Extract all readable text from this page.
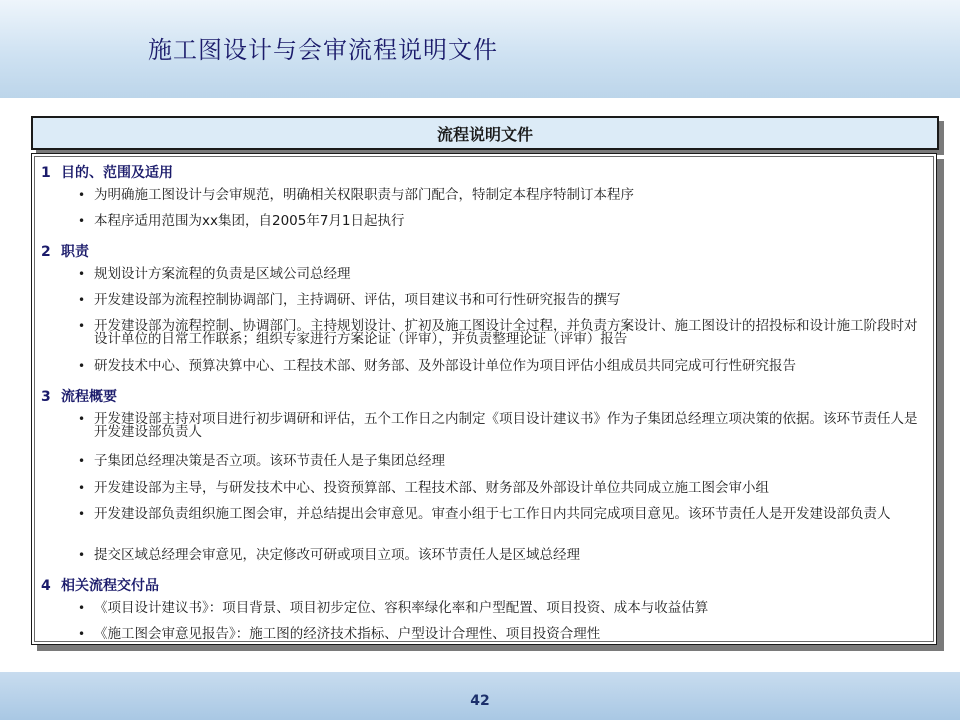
施工图设计与会审流程说明文件
流程说明文件
1 目的、范围及适用
• 为明确施工图设计与会审规范，明确相关权限职责与部门配合，特制定本程序特制订本程序
• 本程序适用范围为xx集团，自2005年7月1日起执行
2 职责
• 规划设计方案流程的负责是区域公司总经理
• 开发建设部为流程控制协调部门，主持调研、评估，项目建议书和可行性研究报告的撰写
• 开发建设部为流程控制、协调部门。主持规划设计、扩初及施工图设计全过程，并负责方案设计、施工图设计的招投标和设计施工阶段时对设计单位的日常工作联系；组织专家进行方案论证（评审），并负责整理论证（评审）报告
• 研发技术中心、预算决算中心、工程技术部、财务部、及外部设计单位作为项目评估小组成员共同完成可行性研究报告
3 流程概要
• 开发建设部主持对项目进行初步调研和评估，五个工作日之内制定《项目设计建议书》作为子集团总经理立项决策的依据。该环节责任人是开发建设部负责人
• 子集团总经理决策是否立项。该环节责任人是子集团总经理
• 开发建设部为主导，与研发技术中心、投资预算部、工程技术部、财务部及外部设计单位共同成立施工图会审小组
• 开发建设部负责组织施工图会审，并总结提出会审意见。审查小组于七工作日内共同完成项目意见。该环节责任人是开发建设部负责人
• 提交区域总经理会审意见，决定修改可研或项目立项。该环节责任人是区域总经理
4 相关流程交付品
• 《项目设计建议书》：项目背景、项目初步定位、容积率绿化率和户型配置、项目投资、成本与收益估算
• 《施工图会审意见报告》：施工图的经济技术指标、户型设计合理性、项目投资合理性
42
